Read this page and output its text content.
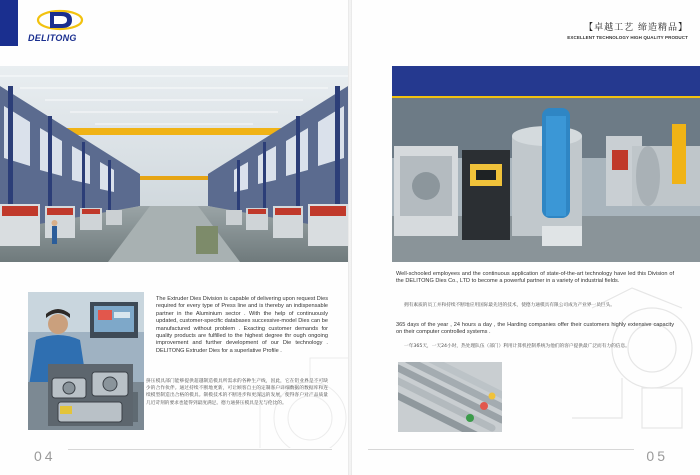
DELITONG
The Extruder Dies Division is capable of delivering upon request Dies required for every type of Press line and is thereby an indispensable partner in the Aluminium sector . With the help of continuously updated, customer-specific databases successive-model Dies can be manufactured without problem . Exacting customer demands for quality products are fulfilled to the highest degree thr ough ongoing improvement and further development of our Die technology . DELITONG Extruder Dies for a superlative Profile .
挤压模具部门能够提供超越制造模具所需求的各种生产线，因此，它在铝业界是不可缺少的合作伙伴。通过持续不断地更新，可让顾客自主的定制客户详细数据的数据库和连续模型制造出合格的模具。制模技术的不断进步和更深远的发展，使得客户对产品质量几近苛刻的要求也能得到最度满足。德力通挤压模具是无与伦比的。
04
【卓越工艺 缔造精品】
EXCELLENT TECHNOLOGY HIGH QUALITY PRODUCT
Well-schooled employees and the continuous application of state-of-the-art technology have led this Division of the DELITONG Dies Co., LTD to become a powerful partner in a variety of industrial fields.
拥有素质的员工并和持续不断地应用国际最先进的技术，使德力通模具有限公司成为产业界一员巨头。
365 days of the year , 24 hours a day , the Harding companies offer their customers highly extensive capacity on their computer controlled systems .
一年365天，一天24小时，热处理队伍（部门）利用计算机控制系统为他们的客户提供最广泛而有力的信息。
05
